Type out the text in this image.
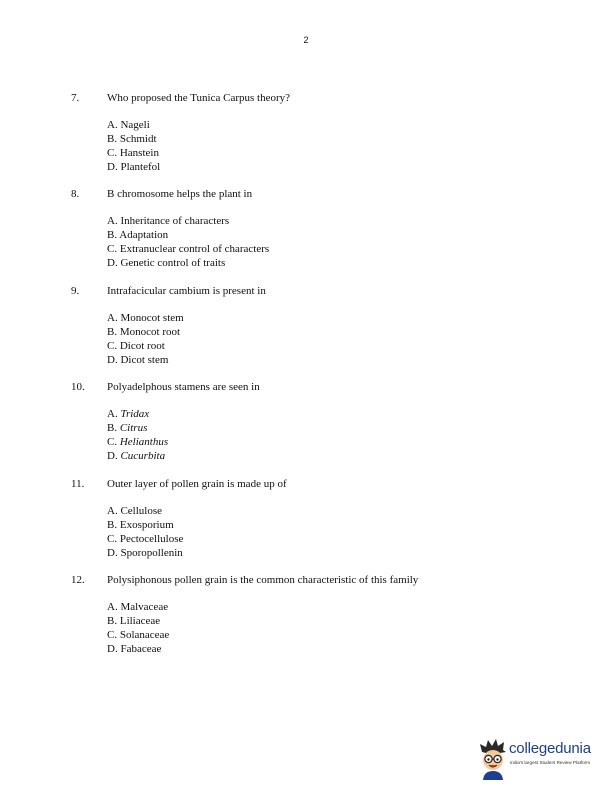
2
7.	Who proposed the Tunica Carpus theory?
A. Nageli
B. Schmidt
C. Hanstein
D. Plantefol
8.	B chromosome helps the plant in
A. Inheritance of characters
B. Adaptation
C. Extranuclear control of characters
D. Genetic control of traits
9.	Intrafacicular cambium is present in
A. Monocot stem
B. Monocot root
C. Dicot root
D. Dicot stem
10. Polyadelphous stamens are seen in
A. Tridax
B. Citrus
C. Helianthus
D. Cucurbita
11. Outer layer of pollen grain is made up of
A. Cellulose
B. Exosporium
C. Pectocellulose
D. Sporopollenin
12. Polysiphonous pollen grain is the common characteristic of this family
A. Malvaceae
B. Liliaceae
C. Solanaceae
D. Fabaceae
collegedunia
India's largest Student Review Platform
